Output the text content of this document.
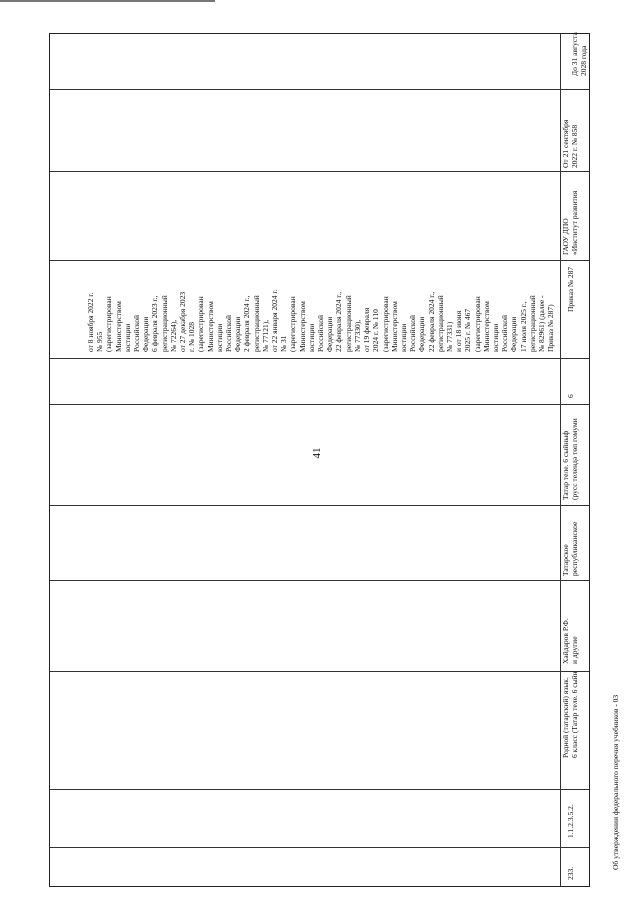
41
Об утверждении федерального перечня учебников - 03
233.
1.1.2.3.5.2.
Родной (татарский) язык.
6 класс (Татар теле. 6 сыйн
Хайдаров Р.Ф.
и другие
Татарское
республиканское
Татар теле. 6 сыйныф
(русс телендә төп гомуми
6
от 8 ноября 2022 г. № 955 (зарегистрирован Министерством юстиции Российской Федерации 6 февраля 2023 г., регистрационный № 72264), от 27 декабря 2023 г. № 1028 (зарегистрирован Министерством юстиции Российской Федерации 2 февраля 2024 г., регистрационный № 77121), от 22 января 2024 г. № 31 (зарегистрирован Министерством юстиции Российской Федерации 22 февраля 2024 г., регистрационный № 77330), от 19 февраля 2024 г. № 110 (зарегистрирован Министерством юстиции Российской Федерации 22 февраля 2024 г., регистрационный № 77331) и от 18 июня 2025 г. № 467 (зарегистрирован Министерством юстиции Российской Федерации 17 июля 2025 г., регистрационный № 82961) (далее - Приказ № 287)
Приказ № 287
ГАОУ ДПО
«Институт развития
От 21 сентября
2022 г. № 858
До 31 августа
2028 года
